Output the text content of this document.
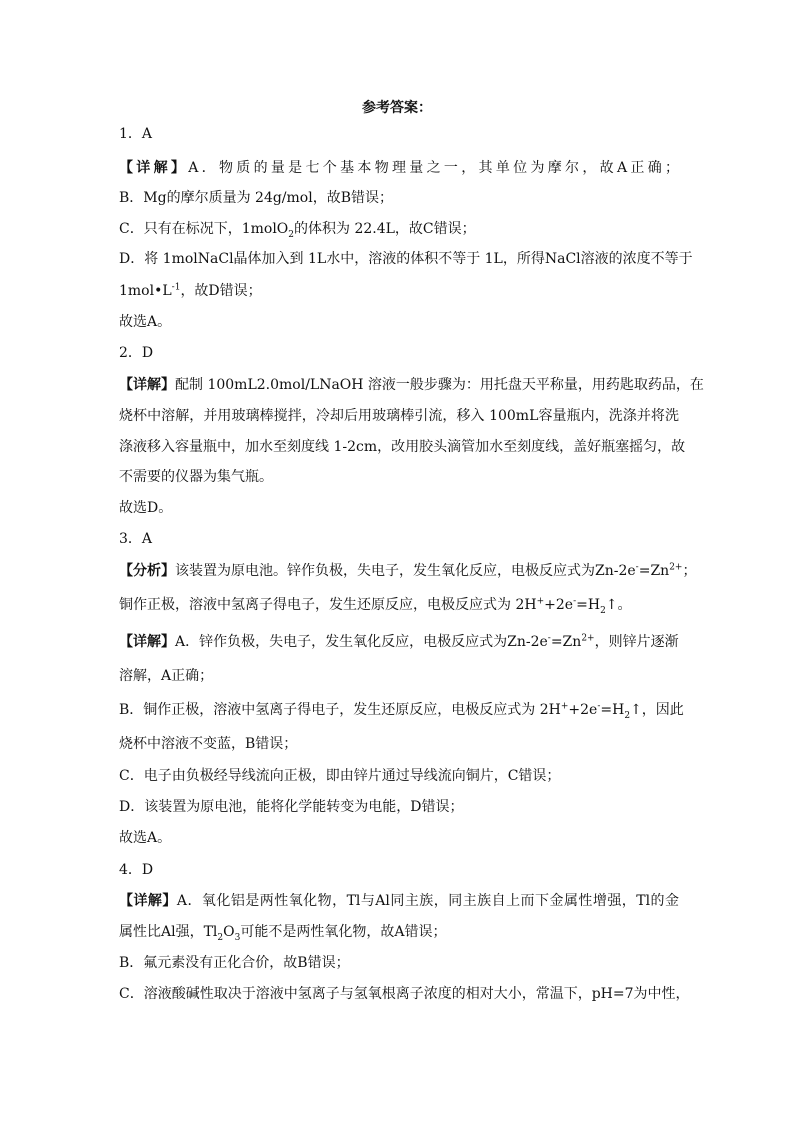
参考答案：
1．A
【详解】A．物质的量是七个基本物理量之一，其单位为摩尔，故A正确；
B．Mg的摩尔质量为 24g/mol，故B错误；
C．只有在标况下，1molO$_2$的体积为 22.4L，故C错误；
D．将 1molNaCl晶体加入到 1L水中，溶液的体积不等于 1L，所得NaCl溶液的浓度不等于
$1mol•L^{-1}$，故D错误；
故选A。
2．D
【详解】配制 100mL2.0mol/LNaOH 溶液一般步骤为：用托盘天平称量，用药匙取药品，在
烧杯中溶解，并用玻璃棒搅拌，冷却后用玻璃棒引流，移入 100mL容量瓶内，洗涤并将洗
涤液移入容量瓶中，加水至刻度线 1-2cm，改用胶头滴管加水至刻度线，盖好瓶塞摇匀，故
不需要的仪器为集气瓶。
故选D。
3．A
【分析】该装置为原电池。锌作负极，失电子，发生氧化反应，电极反应式为$Zn-2e^-=Zn^{2+}$；
铜作正极，溶液中氢离子得电子，发生还原反应，电极反应式为 $2H^++2e^-=H_2↑$。
【详解】A．锌作负极，失电子，发生氧化反应，电极反应式为$Zn-2e^-=Zn^{2+}$，则锌片逐渐
溶解，A正确；
B．铜作正极，溶液中氢离子得电子，发生还原反应，电极反应式为 $2H^++2e^-=H_2↑$，因此
烧杯中溶液不变蓝，B错误；
C．电子由负极经导线流向正极，即由锌片通过导线流向铜片，C错误；
D．该装置为原电池，能将化学能转变为电能，D错误；
故选A。
4．D
【详解】A．氧化铝是两性氧化物，Tl与Al同主族，同主族自上而下金属性增强，Tl的金
属性比Al强，$Tl_2O_3$可能不是两性氧化物，故A错误；
B．氟元素没有正化合价，故B错误；
C．溶液酸碱性取决于溶液中氢离子与氢氧根离子浓度的相对大小，常温下，pH=7为中性，
